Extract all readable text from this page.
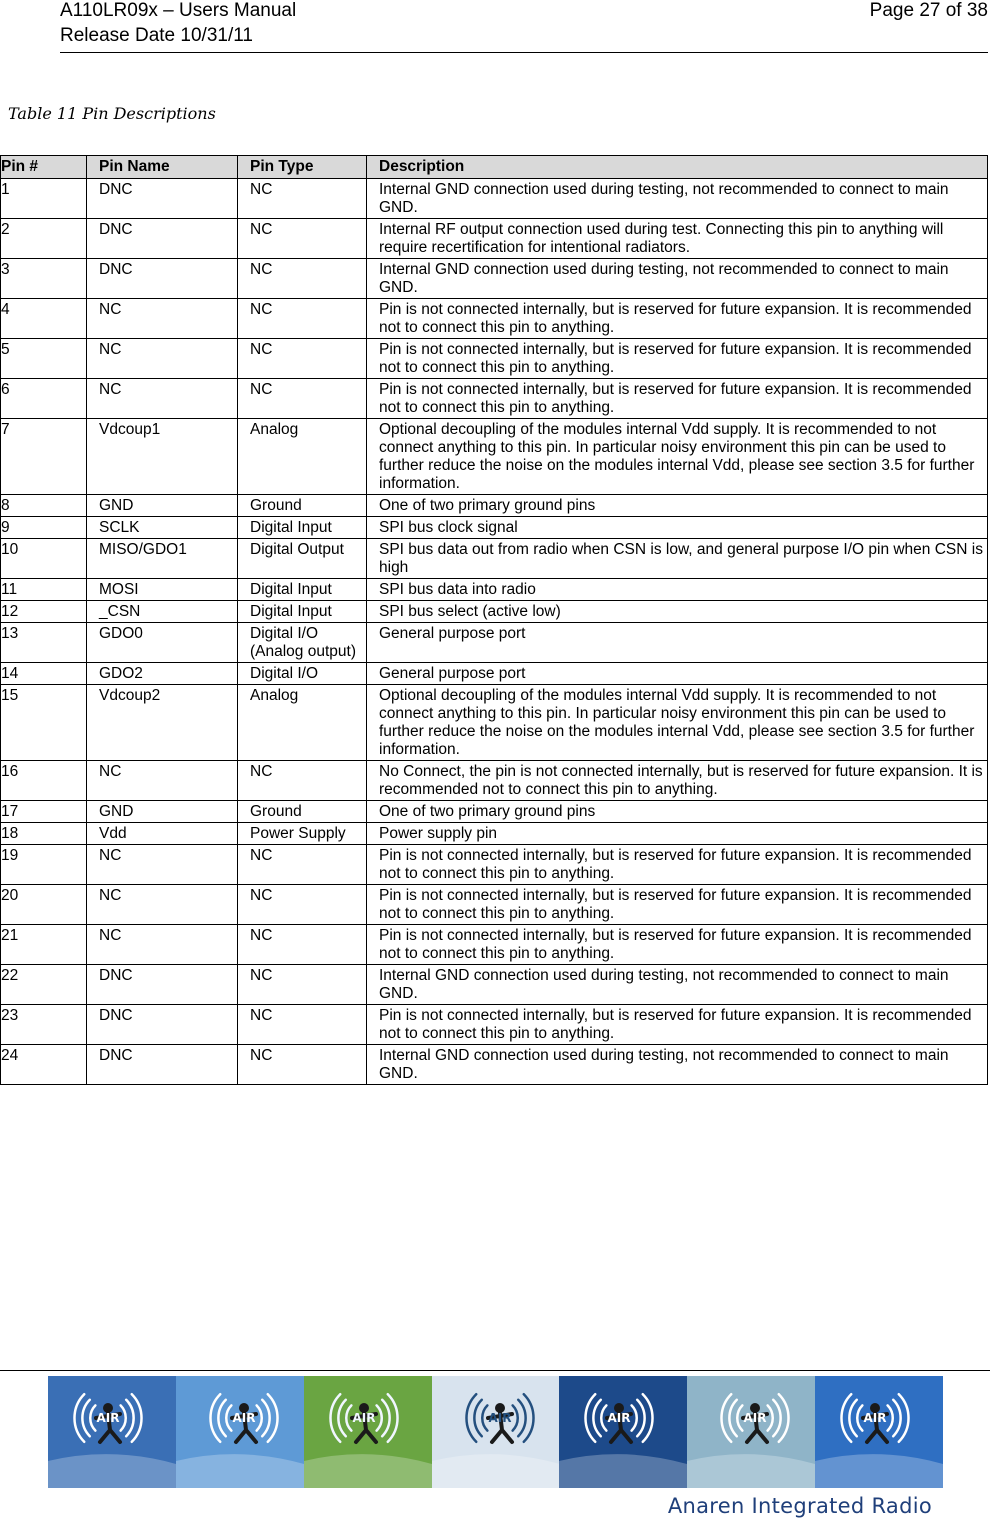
A110LR09x – Users Manual
Release Date 10/31/11
Page 27 of 38
Table 11 Pin Descriptions
Pin #	Pin Name	Pin Type	Description
1	DNC	NC	Internal GND connection used during testing, not recommended to connect to main GND.
2	DNC	NC	Internal RF output connection used during test. Connecting this pin to anything will require recertification for intentional radiators.
3	DNC	NC	Internal GND connection used during testing, not recommended to connect to main GND.
4	NC	NC	Pin is not connected internally, but is reserved for future expansion. It is recommended not to connect this pin to anything.
5	NC	NC	Pin is not connected internally, but is reserved for future expansion. It is recommended not to connect this pin to anything.
6	NC	NC	Pin is not connected internally, but is reserved for future expansion. It is recommended not to connect this pin to anything.
7	Vdcoup1	Analog	Optional decoupling of the modules internal Vdd supply. It is recommended to not connect anything to this pin. In particular noisy environment this pin can be used to further reduce the noise on the modules internal Vdd, please see section 3.5 for further information.
8	GND	Ground	One of two primary ground pins
9	SCLK	Digital Input	SPI bus clock signal
10	MISO/GDO1	Digital Output	SPI bus data out from radio when CSN is low, and general purpose I/O pin when CSN is high
11	MOSI	Digital Input	SPI bus data into radio
12	_CSN	Digital Input	SPI bus select (active low)
13	GDO0	Digital I/O (Analog output)	General purpose port
14	GDO2	Digital I/O	General purpose port
15	Vdcoup2	Analog	Optional decoupling of the modules internal Vdd supply. It is recommended to not connect anything to this pin. In particular noisy environment this pin can be used to further reduce the noise on the modules internal Vdd, please see section 3.5 for further information.
16	NC	NC	No Connect, the pin is not connected internally, but is reserved for future expansion. It is recommended not to connect this pin to anything.
17	GND	Ground	One of two primary ground pins
18	Vdd	Power Supply	Power supply pin
19	NC	NC	Pin is not connected internally, but is reserved for future expansion. It is recommended not to connect this pin to anything.
20	NC	NC	Pin is not connected internally, but is reserved for future expansion. It is recommended not to connect this pin to anything.
21	NC	NC	Pin is not connected internally, but is reserved for future expansion. It is recommended not to connect this pin to anything.
22	DNC	NC	Internal GND connection used during testing, not recommended to connect to main GND.
23	DNC	NC	Pin is not connected internally, but is reserved for future expansion. It is recommended not to connect this pin to anything.
24	DNC	NC	Internal GND connection used during testing, not recommended to connect to main GND.
AIR	AIR	AIR	AIR	AIR	AIR	AIR
Anaren Integrated Radio
